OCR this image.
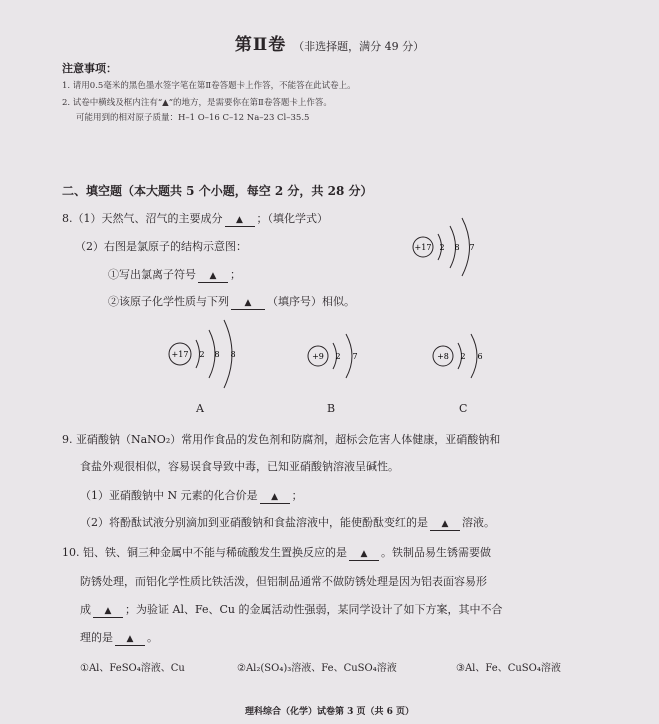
第Ⅱ卷 （非选择题，满分 49 分）
注意事项：
1. 请用0.5毫米的黑色墨水签字笔在第Ⅱ卷答题卡上作答，不能答在此试卷上。
2. 试卷中横线及框内注有“▲”的地方，是需要你在第Ⅱ卷答题卡上作答。
可能用到的相对原子质量：H–1 O–16 C–12 Na–23 Cl–35.5
二、填空题（本大题共 5 个小题，每空 2 分，共 28 分）
8.（1）天然气、沼气的主要成分 ▲ ；（填化学式）
（2）右图是氯原子的结构示意图：
①写出氯离子符号 ▲ ；
②该原子化学性质与下列 ▲ （填序号）相似。
+17 2 8 7
+17 2 8 8	+9 2 7	+8 2 6
A	B	C
9. 亚硝酸钠（NaNO₂）常用作食品的发色剂和防腐剂，超标会危害人体健康，亚硝酸钠和
食盐外观很相似，容易误食导致中毒，已知亚硝酸钠溶液呈碱性。
（1）亚硝酸钠中 N 元素的化合价是 ▲ ；
（2）将酚酞试液分别滴加到亚硝酸钠和食盐溶液中，能使酚酞变红的是 ▲ 溶液。
10. 铝、铁、铜三种金属中不能与稀硫酸发生置换反应的是 ▲ 。铁制品易生锈需要做
防锈处理，而铝化学性质比铁活泼，但铝制品通常不做防锈处理是因为铝表面容易形
成 ▲ ；为验证 Al、Fe、Cu 的金属活动性强弱，某同学设计了如下方案，其中不合
理的是 ▲ 。
①Al、FeSO₄溶液、Cu	②Al₂(SO₄)₃溶液、Fe、CuSO₄溶液	③Al、Fe、CuSO₄溶液
理科综合（化学）试卷第 3 页（共 6 页）
